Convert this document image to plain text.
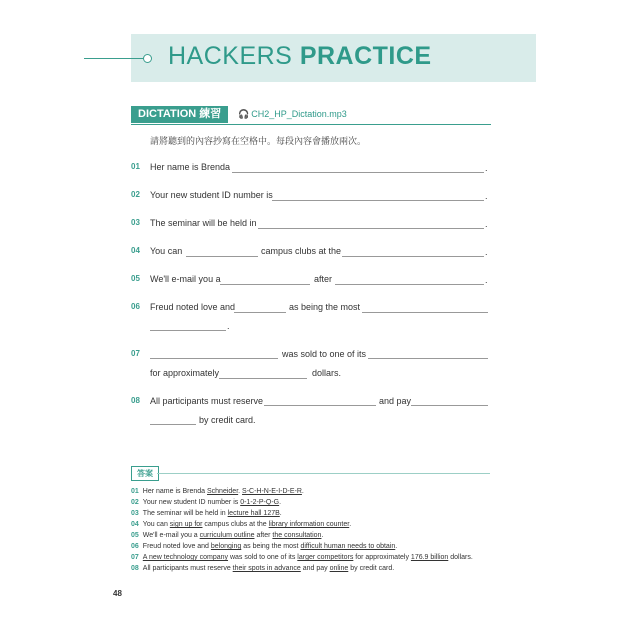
HACKERS PRACTICE
DICTATION 練習	🎧 CH2_HP_Dictation.mp3
請將聽到的內容抄寫在空格中。每段內容會播放兩次。
01 Her name is Brenda	.
02 Your new student ID number is	.
03 The seminar will be held in	.
04 You can	campus clubs at the	.
05 We'll e-mail you a	after	.
06 Freud noted love and	as being the most
.
07	was sold to one of its
for approximately	dollars.
08 All participants must reserve	and pay
by credit card.
答案
01 Her name is Brenda Schneider. S-C-H-N-E-I-D-E-R.
02 Your new student ID number is 0-1-2-P-Q-G.
03 The seminar will be held in lecture hall 127B.
04 You can sign up for campus clubs at the library information counter.
05 We'll e-mail you a curriculum outline after the consultation.
06 Freud noted love and belonging as being the most difficult human needs to obtain.
07 A new technology company was sold to one of its larger competitors for approximately 176.9 billion dollars.
08 All participants must reserve their spots in advance and pay online by credit card.
48
